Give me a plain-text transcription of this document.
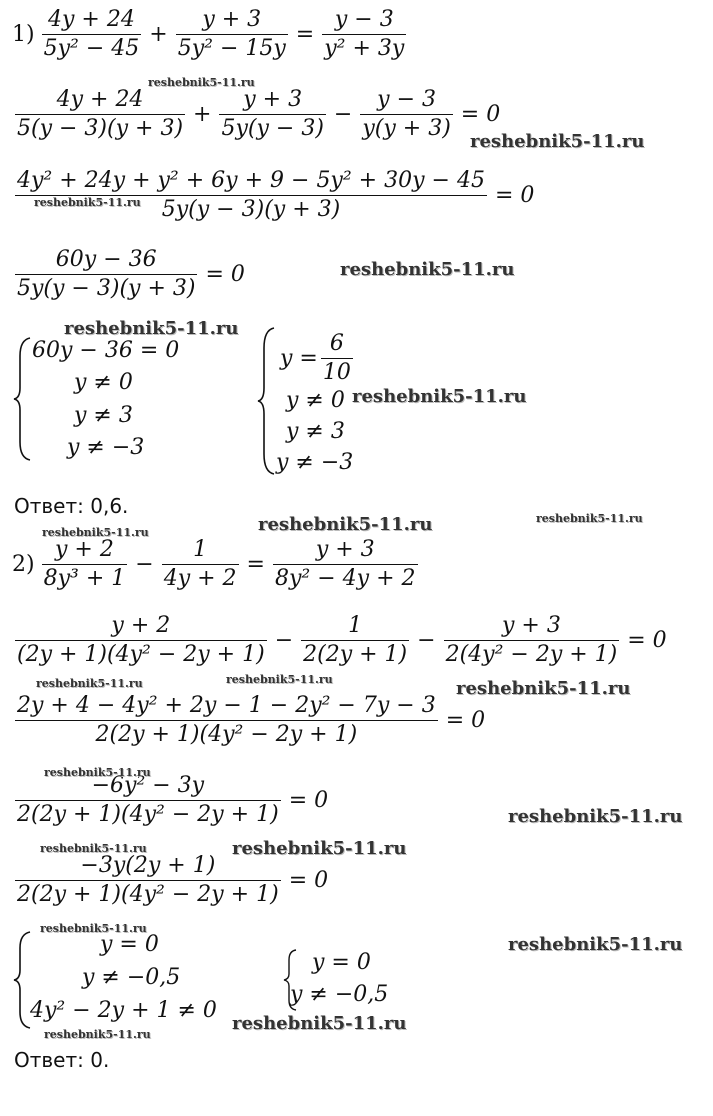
$1) \frac{4y + 24}{\text{5y² − 45}} + \frac{y + 3}{\text{5y² − 15y}} = \frac{y - 3}{\text{y² + 3y}}$
$\frac{4y + 24}{5(y - 3)(y + 3)} + \frac{y + 3}{5y(y - 3)} - \frac{y - 3}{y(y + 3)} = 0$
$\frac{\text{4y² + 24y + y² + 6y + 9 − 5y² + 30y − 45}}{5y(y - 3)(y + 3)} = 0$
$\frac{60y - 36}{5y(y - 3)(y + 3)} = 0$
60y − 36 = 0
y ≠ 0
y ≠ 3
y ≠ −3
$y = \frac{6}{10}$
y ≠ 0
y ≠ 3
y ≠ −3
Ответ: 0,6.
$2) \frac{y + 2}{\text{8y³ + 1}} - \frac{1}{4y + 2} = \frac{y + 3}{\text{8y² − 4y + 2}}$
$\frac{y + 2}{\text{(2y + 1)(4y² − 2y + 1)}} - \frac{1}{2(2y + 1)} - \frac{y + 3}{\text{2(4y² − 2y + 1)}} = 0$
$\frac{\text{2y + 4 − 4y² + 2y − 1 − 2y² − 7y − 3}}{\text{2(2y + 1)(4y² − 2y + 1)}} = 0$
$\frac{\text{−6y² − 3y}}{\text{2(2y + 1)(4y² − 2y + 1)}} = 0$
$\frac{-3y(2y + 1)}{\text{2(2y + 1)(4y² − 2y + 1)}} = 0$
y = 0
y ≠ −0,5
4y² − 2y + 1 ≠ 0
y = 0
y ≠ −0,5
Ответ: 0.
reshebnik5-11.ru
reshebnik5-11.ru
reshebnik5-11.ru
reshebnik5-11.ru
reshebnik5-11.ru
reshebnik5-11.ru
reshebnik5-11.ru	reshebnik5-11.ru
reshebnik5-11.ru
reshebnik5-11.ru	reshebnik5-11.ru	reshebnik5-11.ru
reshebnik5-11.ru
reshebnik5-11.ru
reshebnik5-11.ru	reshebnik5-11.ru
reshebnik5-11.ru
reshebnik5-11.ru
reshebnik5-11.ru
reshebnik5-11.ru
